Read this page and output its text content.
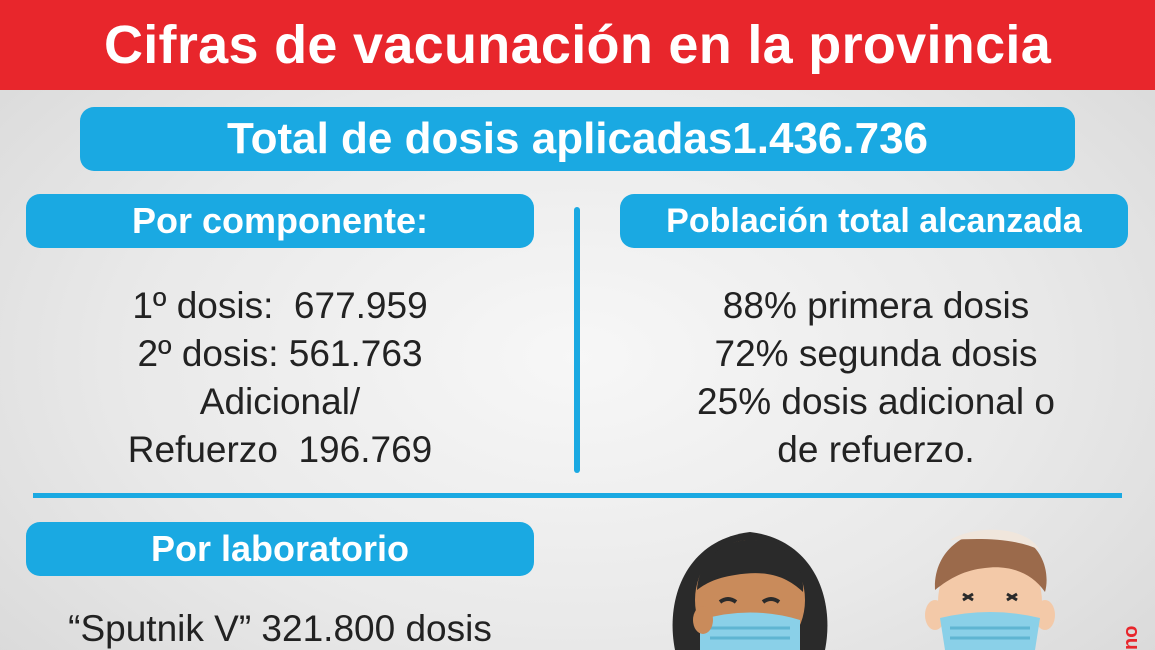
Cifras de vacunación en la provincia
Total de dosis aplicadas1.436.736
Por componente:	Población total alcanzada
1º dosis:  677.959
2º dosis: 561.763
Adicional/
Refuerzo  196.769
88% primera dosis
72% segunda dosis
25% dosis adicional o
de refuerzo.
Por laboratorio
“Sputnik V” 321.800 dosis	no
